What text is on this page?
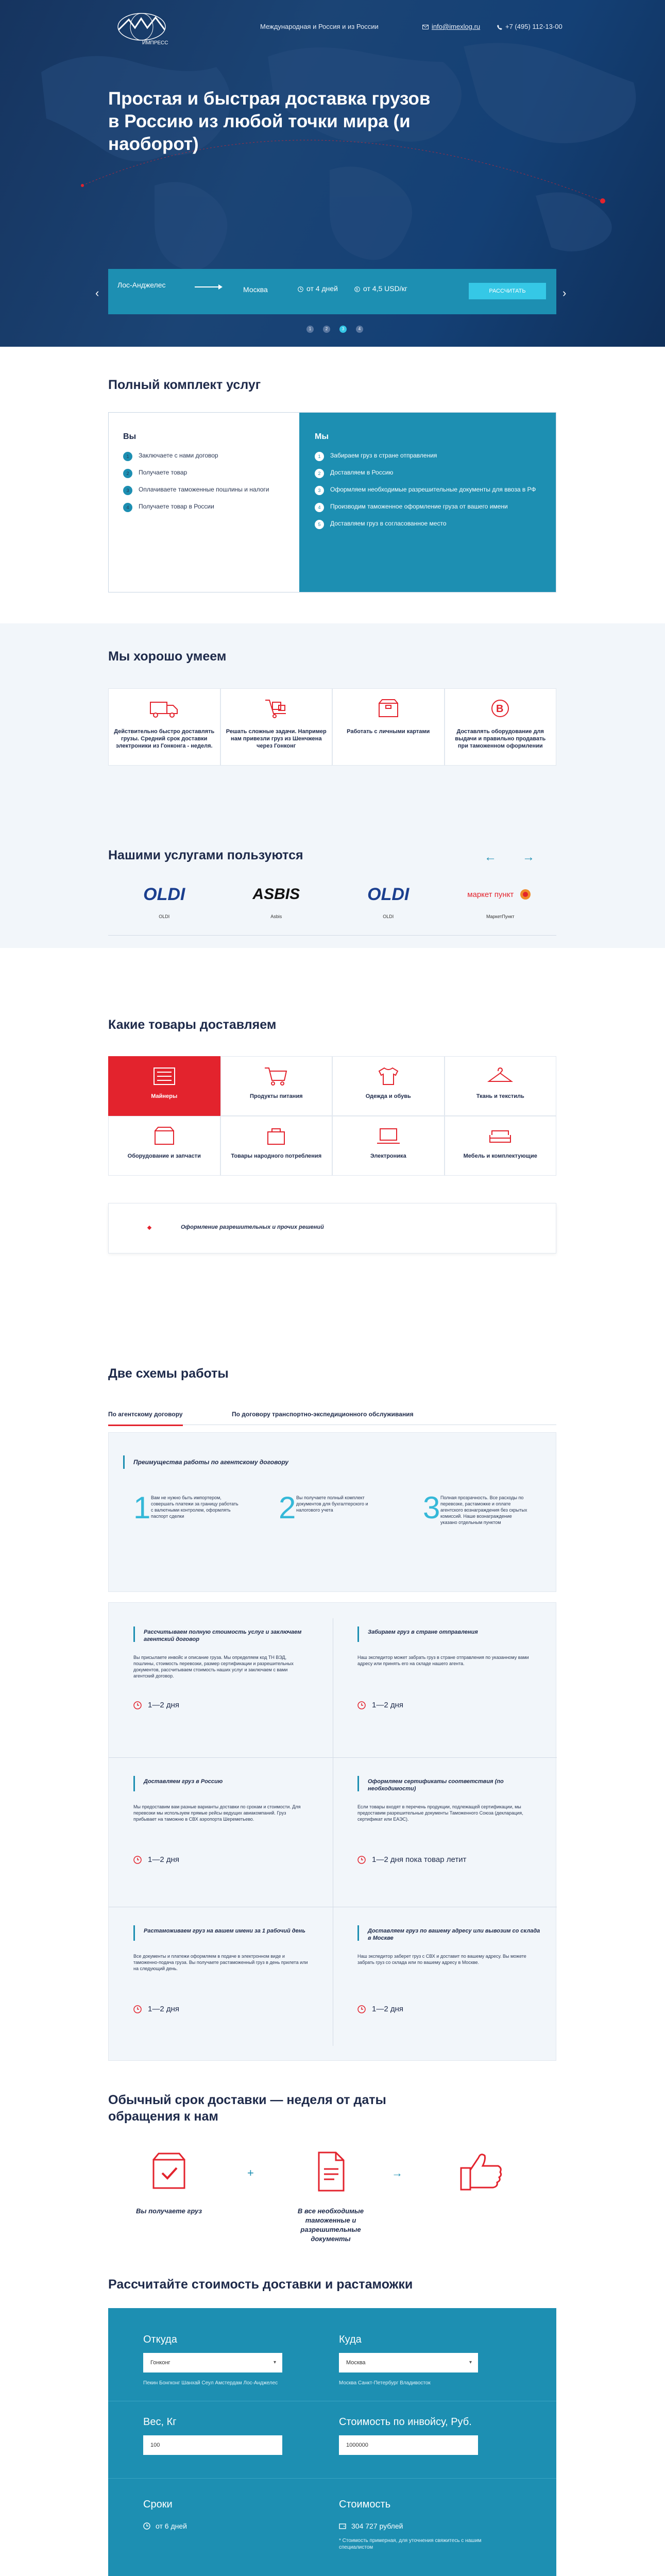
ИМПРЕСС
Международная и Россия и из России	info@imexlog.ru	+7 (495) 112-13-00
Простая и быстрая доставка грузов в Россию из любой точки мира (и наоборот)
‹	›
Лос-Анджелес
Москва	от 4 дней	$ от 4,5 USD/кг	РАССЧИТАТЬ
1	2	3	4
Полный комплект услуг
Вы
1	Заключаете с нами договор
2	Получаете товар
3	Оплачиваете таможенные пошлины и налоги
4	Получаете товар в России
Мы
1	Забираем груз в стране отправления
2	Доставляем в Россию
3	Оформляем необходимые разрешительные документы для ввоза в РФ
4	Производим таможенное оформление груза от вашего имени
5	Доставляем груз в согласованное место
Мы хорошо умеем
Действительно быстро доставлять грузы. Средний срок доставки электроники из Гонконга - неделя.
Решать сложные задачи. Например нам привезли груз из Шенчжена через Гонконг
Работать с личными картами
B
Доставлять оборудование для выдачи и правильно продавать при таможенном оформлении
Нашими услугами пользуются	← →
OLDI
OLDI
ASBIS
Asbis
OLDI
OLDI
маркет пункт
МаркетПункт
Какие товары доставляем
Майнеры	Продукты питания	Одежда и обувь	Ткань и текстиль
Оборудование и запчасти	Товары народного потребления	Электроника	Мебель и комплектующие
Оформление разрешительных и прочих решений
Две схемы работы
По агентскому договору	По договору транспортно-экспедиционного обслуживания
Преимущества работы по агентскому договору
1 Вам не нужно быть импортером, совершать платежи за границу работать с валютными контролем, оформлять паспорт сделки	2 Вы получаете полный комплект документов для бухгалтерского и налогового учета	3 Полная прозрачность. Все расходы по перевозке, растаможке и оплате агентского вознаграждения без скрытых комиссий. Наше вознаграждение указано отдельным пунктом
Рассчитываем полную стоимость услуг и заключаем агентский договор
Вы присылаете инвойс и описание груза. Мы определяем код ТН ВЭД, пошлины, стоимость перевозки, размер сертификации и разрешительных документов, рассчитываем стоимость наших услуг и заключаем с вами агентский договор.
1—2 дня
Забираем груз в стране отправления
Наш экспедитор может забрать груз в стране отправления по указанному вами адресу или принять его на складе нашего агента.
1—2 дня
Доставляем груз в Россию
Мы предоставим вам разные варианты доставки по срокам и стоимости. Для перевозки мы используем прямые рейсы ведущих авиакомпаний. Груз прибывает на таможню в СВХ аэропорта Шереметьево.
1—2 дня
Оформляем сертификаты соответствия (по необходимости)
Если товары входят в перечень продукции, подлежащей сертификации, мы предоставим разрешительные документы Таможенного Союза (декларация, сертификат или ЕАЭС).
1—2 дня пока товар летит
Растаможиваем груз на вашем имени за 1 рабочий день
Все документы и платежи оформляем в подаче в электронном виде и таможенно-подача груза. Вы получаете растаможенный груз в день прилета или на следующий день.
1—2 дня
Доставляем груз по вашему адресу или вывозим со склада в Москве
Наш экспедитор заберет груз с СВХ и доставит по вашему адресу. Вы можете забрать груз со склада или по вашему адресу в Москве.
1—2 дня
Обычный срок доставки — неделя от даты обращения к нам
Вы получаете груз
+
В все необходимые таможенные и разрешительные документы
→
Рассчитайте стоимость доставки и растаможки
Откуда
Гонконг	▾
Пекин Бонгконг Шанхай Сеул Амстердам Лос-Анджелес
Куда
Москва	▾
Москва Санкт-Петербург Владивосток
Вес, Кг
100
Стоимость по инвойсу, Руб.
1000000
Сроки
от 6 дней
Стоимость
304 727 рублей
* Стоимость примерная, для уточнения свяжитесь с нашим специалистом
